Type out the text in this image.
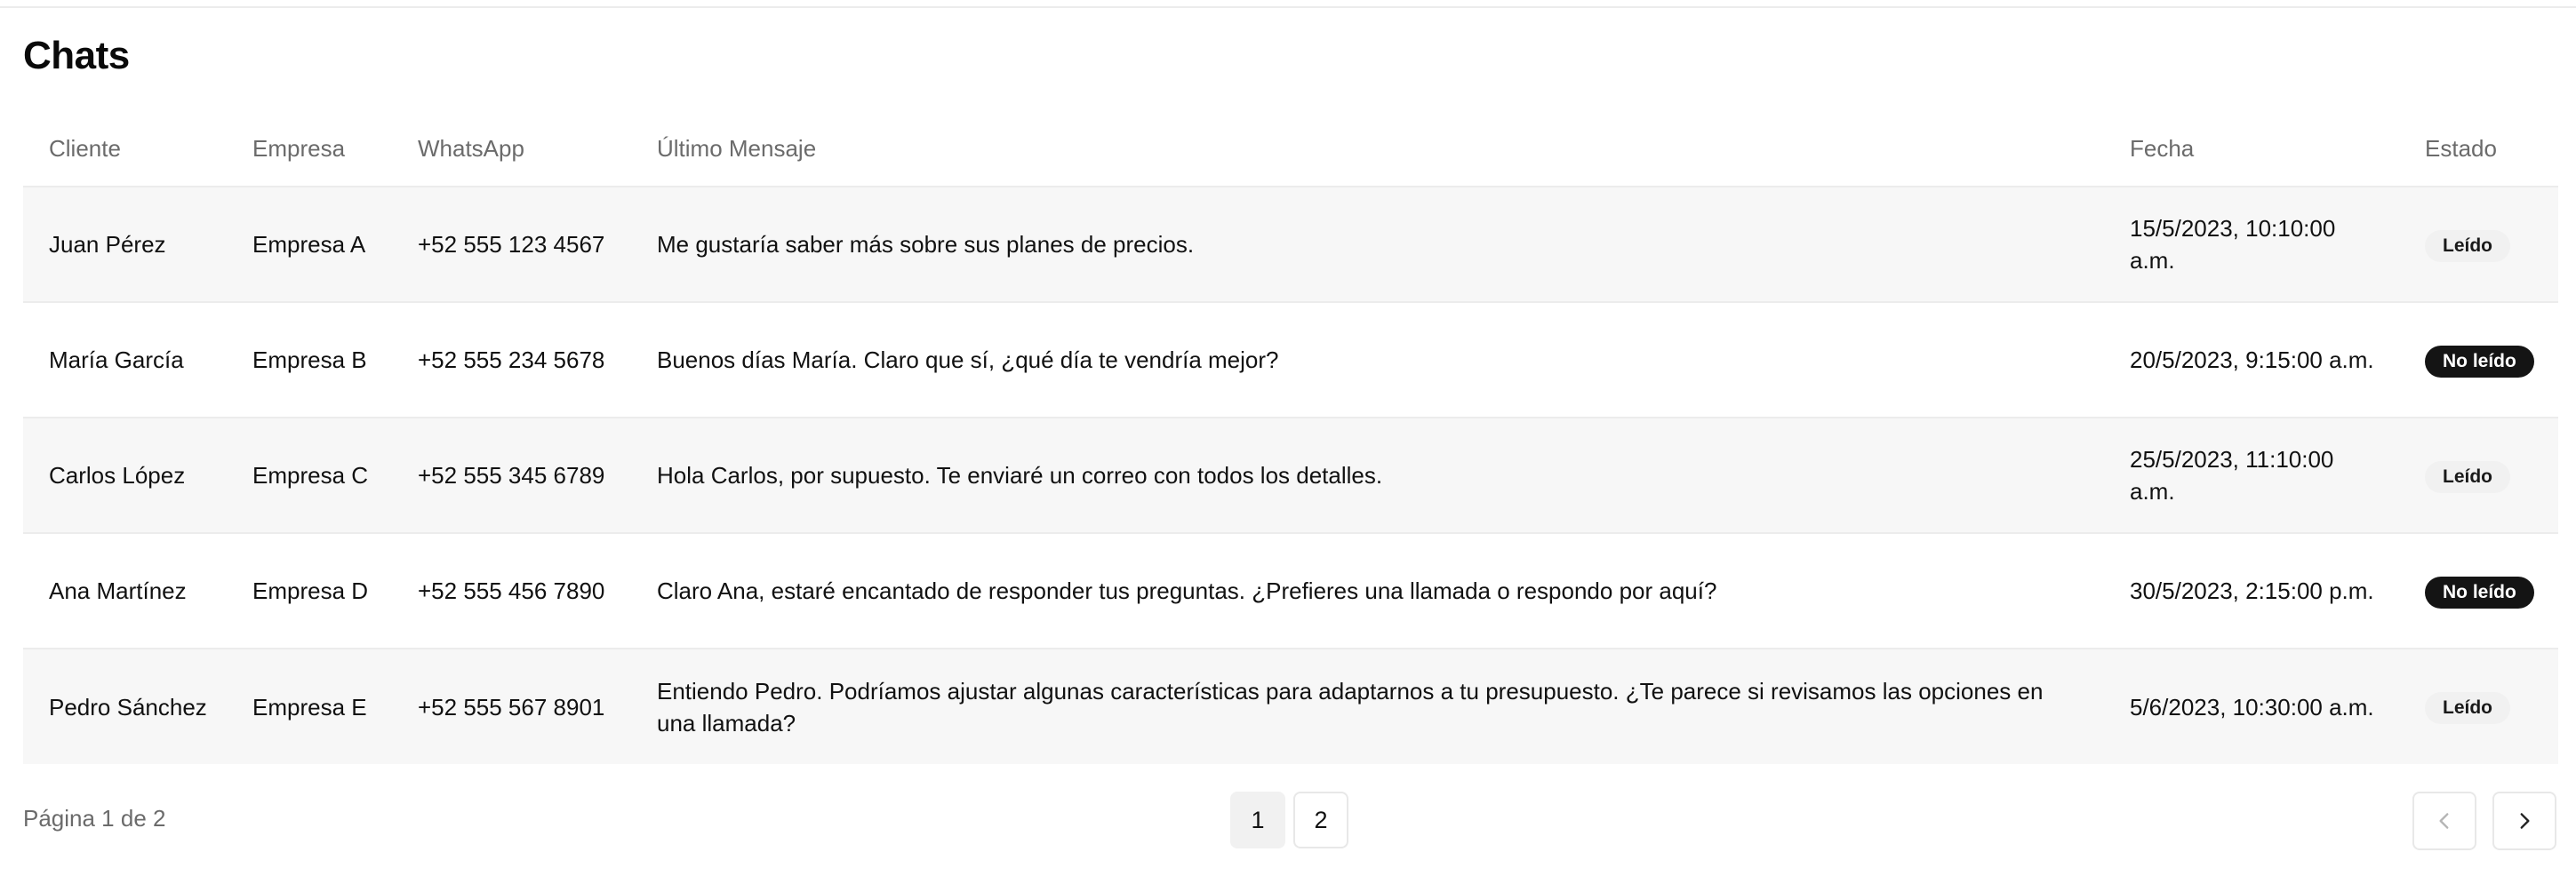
Chats
Cliente	Empresa	WhatsApp	Último Mensaje	Fecha	Estado
Juan Pérez	Empresa A	+52 555 123 4567	Me gustaría saber más sobre sus planes de precios.	15/5/2023, 10:10:00 a.m.	Leído
María García	Empresa B	+52 555 234 5678	Buenos días María. Claro que sí, ¿qué día te vendría mejor?	20/5/2023, 9:15:00 a.m.	No leído
Carlos López	Empresa C	+52 555 345 6789	Hola Carlos, por supuesto. Te enviaré un correo con todos los detalles.	25/5/2023, 11:10:00 a.m.	Leído
Ana Martínez	Empresa D	+52 555 456 7890	Claro Ana, estaré encantado de responder tus preguntas. ¿Prefieres una llamada o respondo por aquí?	30/5/2023, 2:15:00 p.m.	No leído
Pedro Sánchez	Empresa E	+52 555 567 8901	Entiendo Pedro. Podríamos ajustar algunas características para adaptarnos a tu presupuesto. ¿Te parece si revisamos las opciones en una llamada?	5/6/2023, 10:30:00 a.m.	Leído
Página 1 de 2	1	2
